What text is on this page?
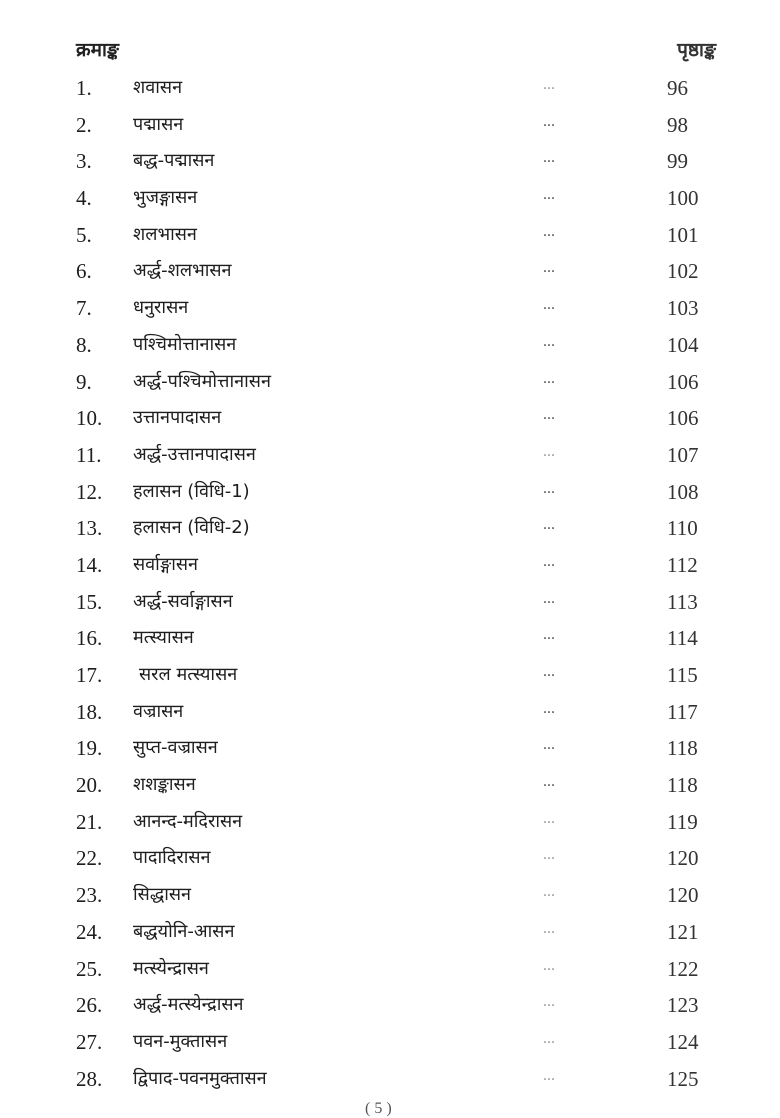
क्रमाङ्क	पृष्ठाङ्क
1. शवासन	...	96
2. पद्मासन	...	98
3. बद्ध-पद्मासन	...	99
4. भुजङ्गासन	...	100
5. शलभासन	...	101
6. अर्द्ध-शलभासन	...	102
7. धनुरासन	...	103
8. पश्चिमोत्तानासन	...	104
9. अर्द्ध-पश्चिमोत्तानासन	...	106
10. उत्तानपादासन	...	106
11. अर्द्ध-उत्तानपादासन	...	107
12. हलासन (विधि-1)	...	108
13. हलासन (विधि-2)	...	110
14. सर्वाङ्गासन	...	112
15. अर्द्ध-सर्वाङ्गासन	...	113
16. मत्स्यासन	...	114
17. सरल मत्स्यासन	...	115
18. वज्रासन	...	117
19. सुप्त-वज्रासन	...	118
20. शशङ्कासन	...	118
21. आनन्द-मदिरासन	...	119
22. पादादिरासन	...	120
23. सिद्धासन	...	120
24. बद्धयोनि-आसन	...	121
25. मत्स्येन्द्रासन	...	122
26. अर्द्ध-मत्स्येन्द्रासन	...	123
27. पवन-मुक्तासन	...	124
28. द्विपाद-पवनमुक्तासन	...	125
( 5 )
